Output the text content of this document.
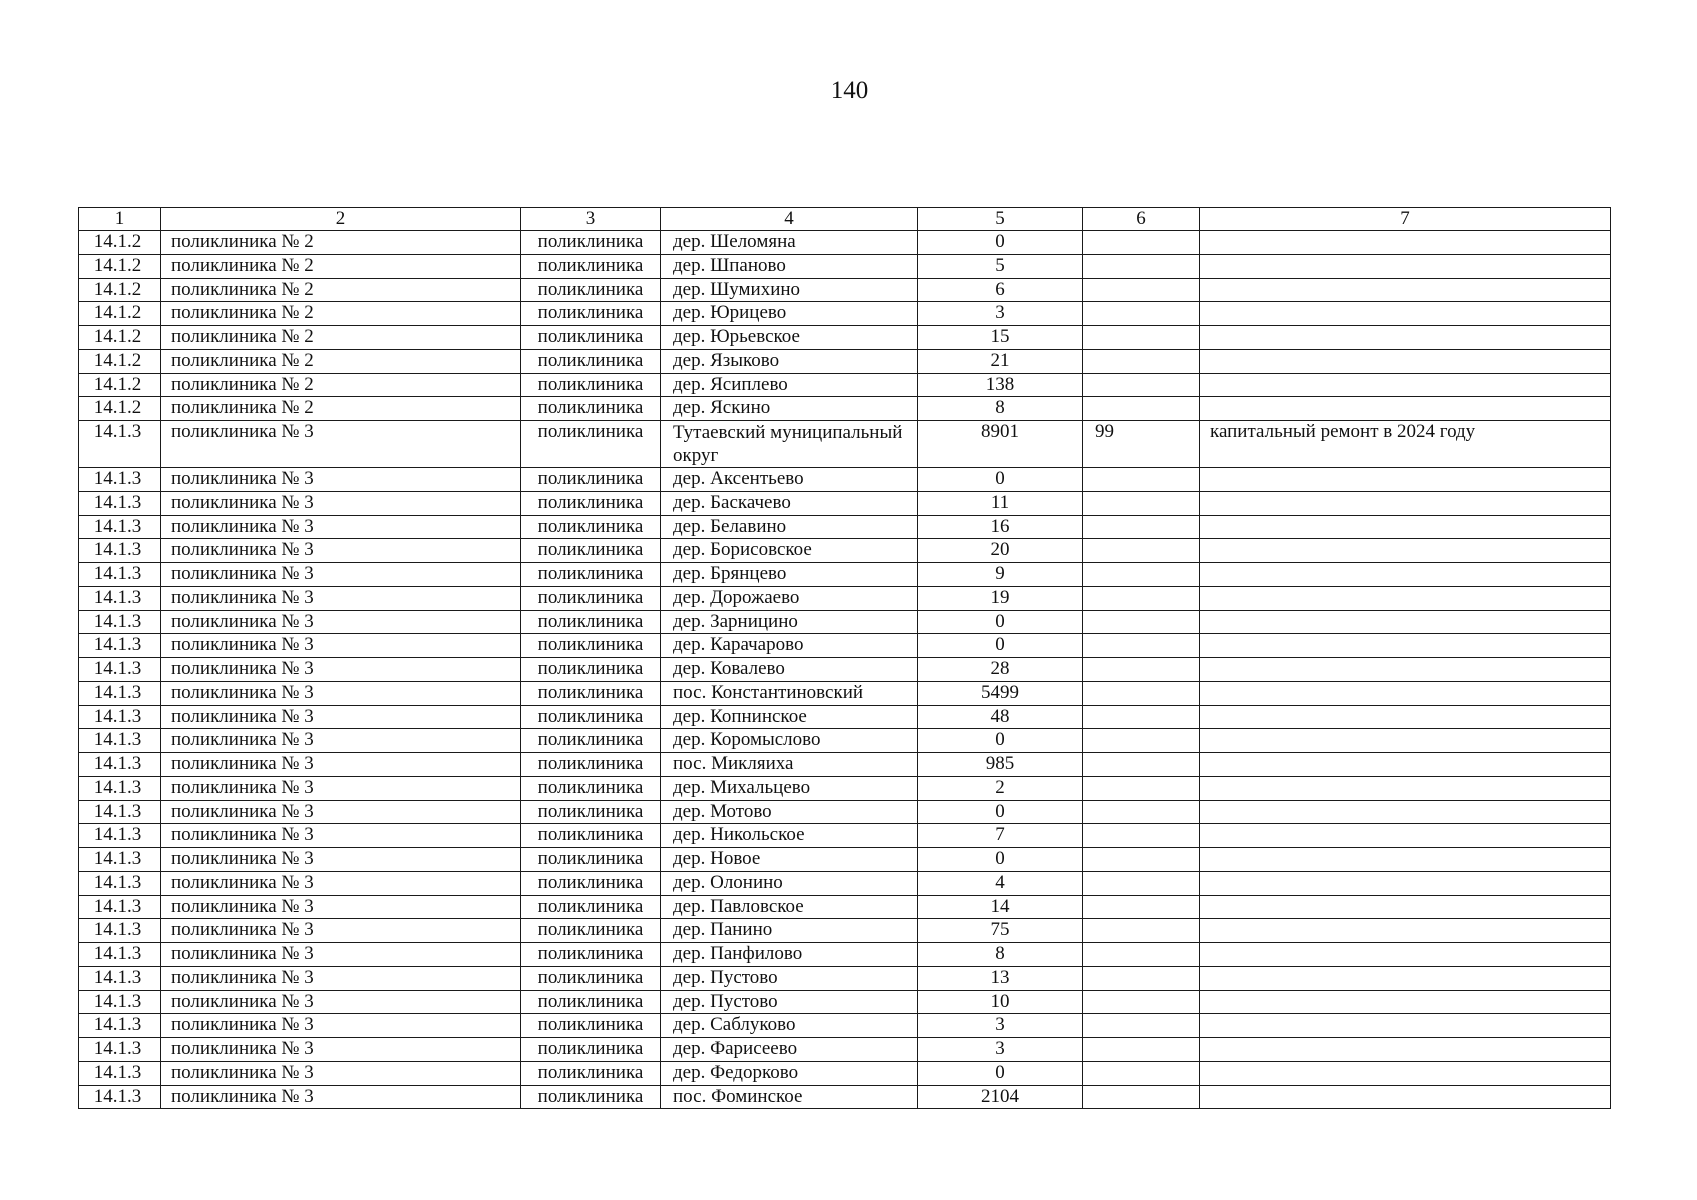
140
1	2	3	4	5	6	7
14.1.2	поликлиника № 2	поликлиника	дер. Шеломяна	0		
14.1.2	поликлиника № 2	поликлиника	дер. Шпаново	5		
14.1.2	поликлиника № 2	поликлиника	дер. Шумихино	6		
14.1.2	поликлиника № 2	поликлиника	дер. Юрицево	3		
14.1.2	поликлиника № 2	поликлиника	дер. Юрьевское	15		
14.1.2	поликлиника № 2	поликлиника	дер. Языково	21		
14.1.2	поликлиника № 2	поликлиника	дер. Ясиплево	138		
14.1.2	поликлиника № 2	поликлиника	дер. Яскино	8		
14.1.3	поликлиника № 3	поликлиника	Тутаевский муниципальный округ	8901	99	капитальный ремонт в 2024 году
14.1.3	поликлиника № 3	поликлиника	дер. Аксентьево	0		
14.1.3	поликлиника № 3	поликлиника	дер. Баскачево	11		
14.1.3	поликлиника № 3	поликлиника	дер. Белавино	16		
14.1.3	поликлиника № 3	поликлиника	дер. Борисовское	20		
14.1.3	поликлиника № 3	поликлиника	дер. Брянцево	9		
14.1.3	поликлиника № 3	поликлиника	дер. Дорожаево	19		
14.1.3	поликлиника № 3	поликлиника	дер. Зарницино	0		
14.1.3	поликлиника № 3	поликлиника	дер. Карачарово	0		
14.1.3	поликлиника № 3	поликлиника	дер. Ковалево	28		
14.1.3	поликлиника № 3	поликлиника	пос. Константиновский	5499		
14.1.3	поликлиника № 3	поликлиника	дер. Копнинское	48		
14.1.3	поликлиника № 3	поликлиника	дер. Коромыслово	0		
14.1.3	поликлиника № 3	поликлиника	пос. Микляиха	985		
14.1.3	поликлиника № 3	поликлиника	дер. Михальцево	2		
14.1.3	поликлиника № 3	поликлиника	дер. Мотово	0		
14.1.3	поликлиника № 3	поликлиника	дер. Никольское	7		
14.1.3	поликлиника № 3	поликлиника	дер. Новое	0		
14.1.3	поликлиника № 3	поликлиника	дер. Олонино	4		
14.1.3	поликлиника № 3	поликлиника	дер. Павловское	14		
14.1.3	поликлиника № 3	поликлиника	дер. Панино	75		
14.1.3	поликлиника № 3	поликлиника	дер. Панфилово	8		
14.1.3	поликлиника № 3	поликлиника	дер. Пустово	13		
14.1.3	поликлиника № 3	поликлиника	дер. Пустово	10		
14.1.3	поликлиника № 3	поликлиника	дер. Саблуково	3		
14.1.3	поликлиника № 3	поликлиника	дер. Фарисеево	3		
14.1.3	поликлиника № 3	поликлиника	дер. Федорково	0		
14.1.3	поликлиника № 3	поликлиника	пос. Фоминское	2104		
